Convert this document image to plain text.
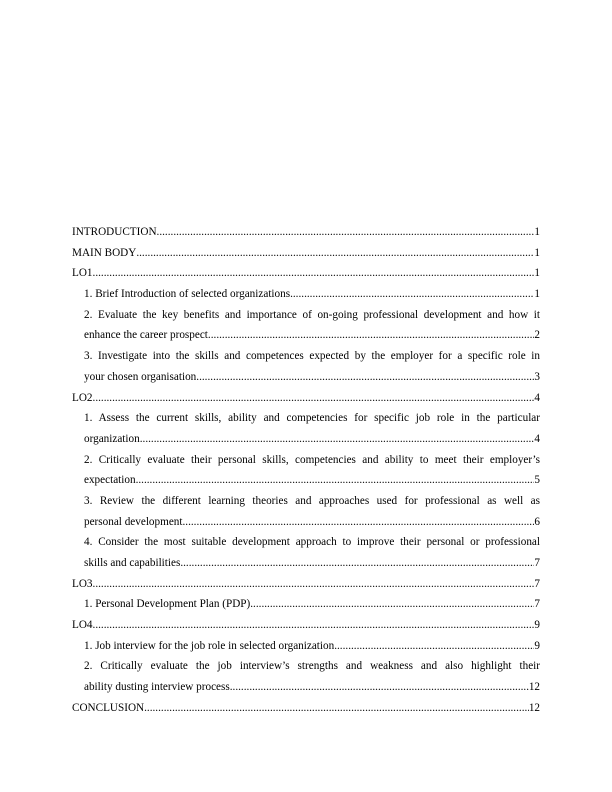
INTRODUCTION .....	1
MAIN BODY .....	1
LO1 .....	1
1. Brief Introduction of selected organizations .....	1
2. Evaluate the key benefits and importance of on-going professional development and how it
enhance the career prospect .....	2
3. Investigate into the skills and competences expected by the employer for a specific role in
your chosen organisation .....	3
LO2 .....	4
1. Assess the current skills, ability and competencies for specific job role in the particular
organization .....	4
2. Critically evaluate their personal skills, competencies and ability to meet their employer’s
expectation .....	5
3. Review the different learning theories and approaches used for professional as well as
personal development .....	6
4. Consider the most suitable development approach to improve their personal or professional
skills and capabilities .....	7
LO3 .....	7
1. Personal Development Plan (PDP) .....	7
LO4 .....	9
1. Job interview for the job role in selected organization .....	9
2. Critically evaluate the job interview’s strengths and weakness and also highlight their
ability dusting interview process .....	12
CONCLUSION .....	12
